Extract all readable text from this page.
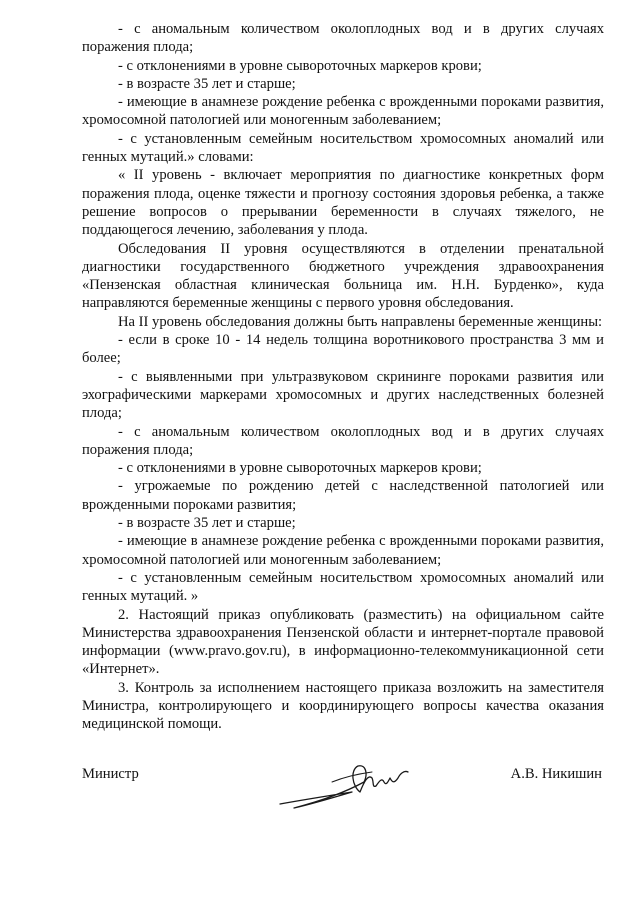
- с аномальным количеством околоплодных вод и в других случаях поражения плода;

- с отклонениями в уровне сывороточных маркеров крови;

- в возрасте 35 лет и старше;

- имеющие в анамнезе рождение ребенка с врожденными пороками развития, хромосомной патологией или моногенным заболеванием;

- с установленным семейным носительством хромосомных аномалий или генных мутаций.» словами:

« II уровень - включает мероприятия по диагностике конкретных форм поражения плода, оценке тяжести и прогнозу состояния здоровья ребенка, а также решение вопросов о прерывании беременности в случаях тяжелого, не поддающегося лечению, заболевания у плода.

Обследования II уровня осуществляются в отделении пренатальной диагностики государственного бюджетного учреждения здравоохранения «Пензенская областная клиническая больница им. Н.Н. Бурденко», куда направляются беременные женщины с первого уровня обследования.

На II уровень обследования должны быть направлены беременные женщины:

- если в сроке 10 - 14 недель толщина воротникового пространства 3 мм и более;

- с выявленными при ультразвуковом скрининге пороками развития или эхографическими маркерами хромосомных и других наследственных болезней плода;

- с аномальным количеством околоплодных вод и в других случаях поражения плода;

- с отклонениями в уровне сывороточных маркеров крови;

- угрожаемые по рождению детей с наследственной патологией или врожденными пороками развития;

- в возрасте 35 лет и старше;

- имеющие в анамнезе рождение ребенка с врожденными пороками развития, хромосомной патологией или моногенным заболеванием;

- с установленным семейным носительством хромосомных аномалий или генных мутаций. »

2. Настоящий приказ опубликовать (разместить) на официальном сайте Министерства здравоохранения Пензенской области и интернет-портале правовой информации (www.pravo.gov.ru), в информационно-телекоммуникационной сети «Интернет».

3. Контроль за исполнением настоящего приказа возложить на заместителя Министра, контролирующего и координирующего вопросы качества оказания медицинской помощи.

Министр	А.В. Никишин
